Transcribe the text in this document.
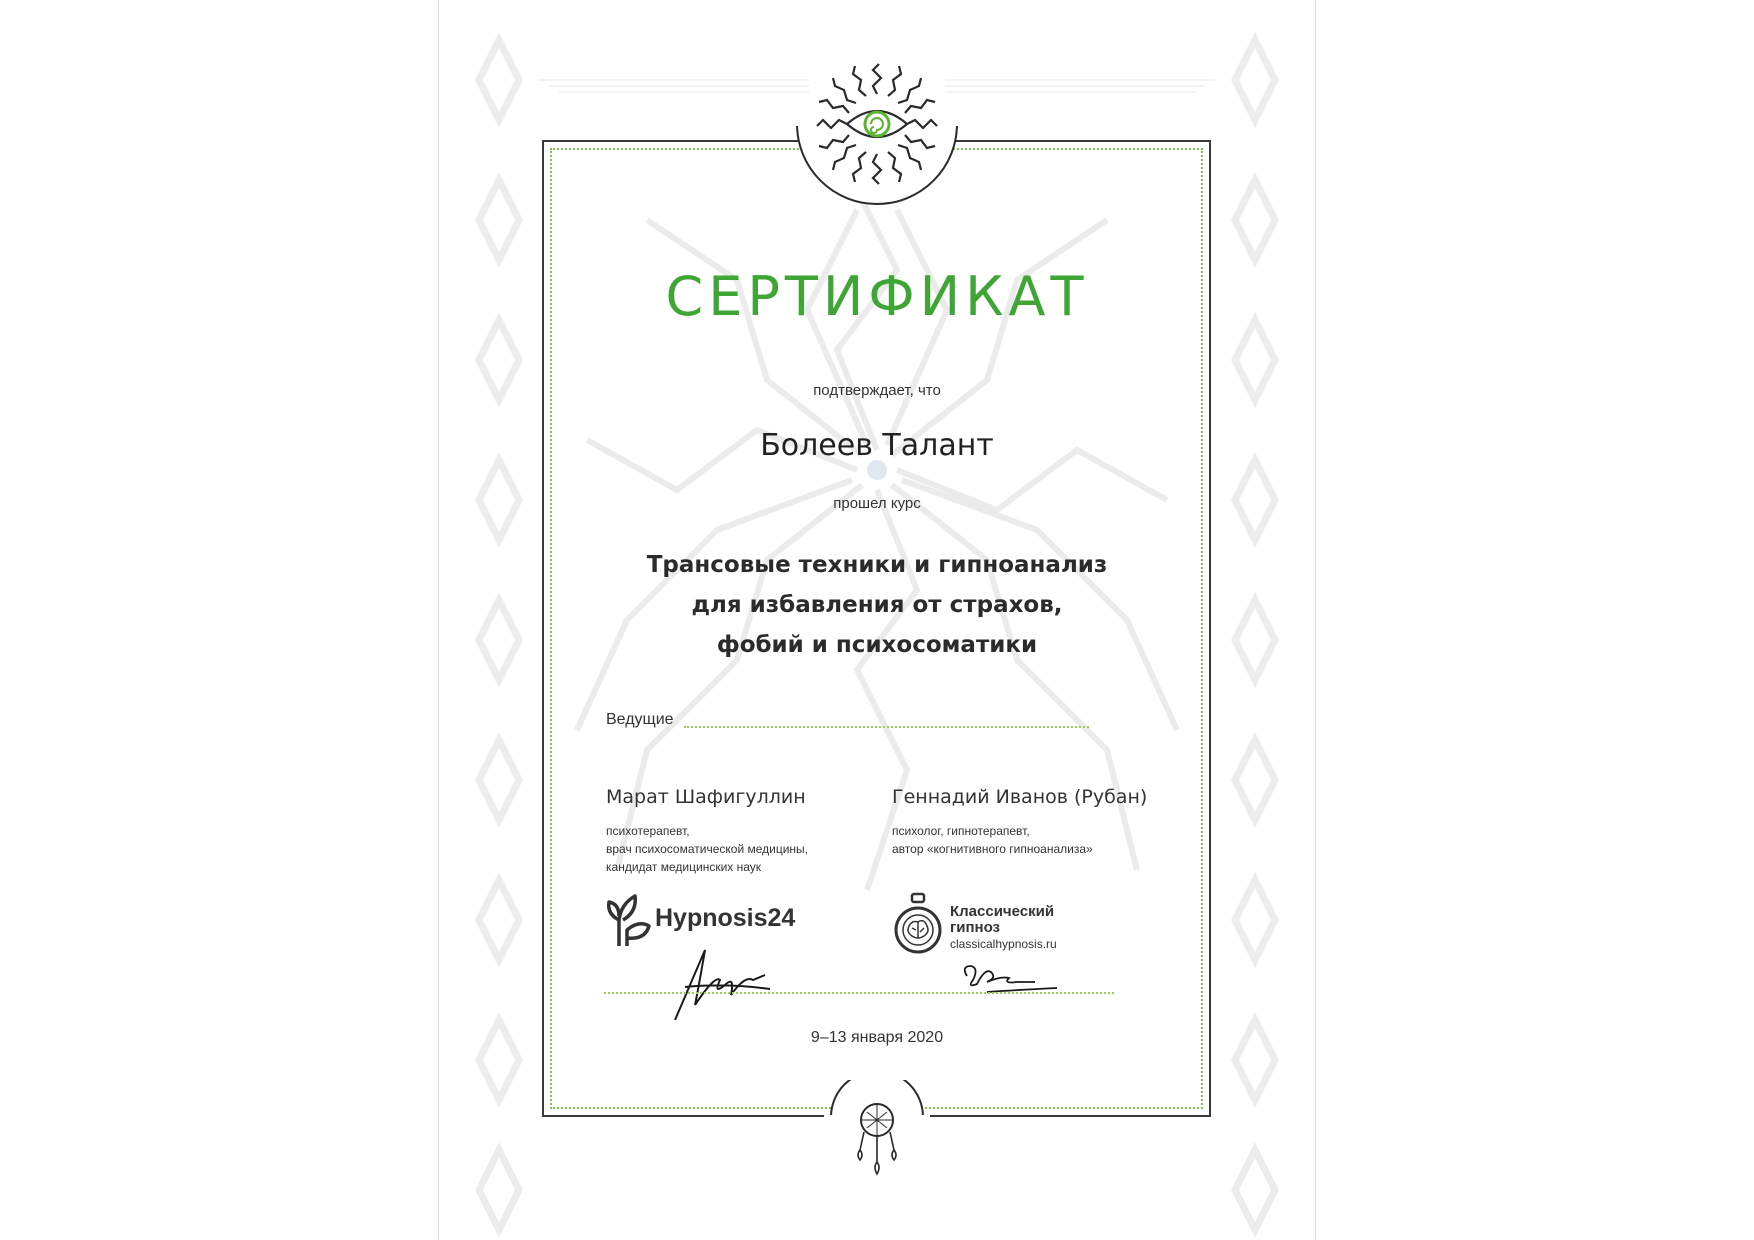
СЕРТИФИКАТ
подтверждает, что
Болеев Талант
прошел курс
Трансовые техники и гипноанализ
для избавления от страхов,
фобий и психосоматики
Ведущие
Марат Шафигуллин
психотерапевт,
врач психосоматической медицины,
кандидат медицинских наук
Геннадий Иванов (Рубан)
психолог, гипнотерапевт,
автор «когнитивного гипноанализа»
Hypnosis24	Классический
гипноз
classicalhypnosis.ru
9–13 января 2020
